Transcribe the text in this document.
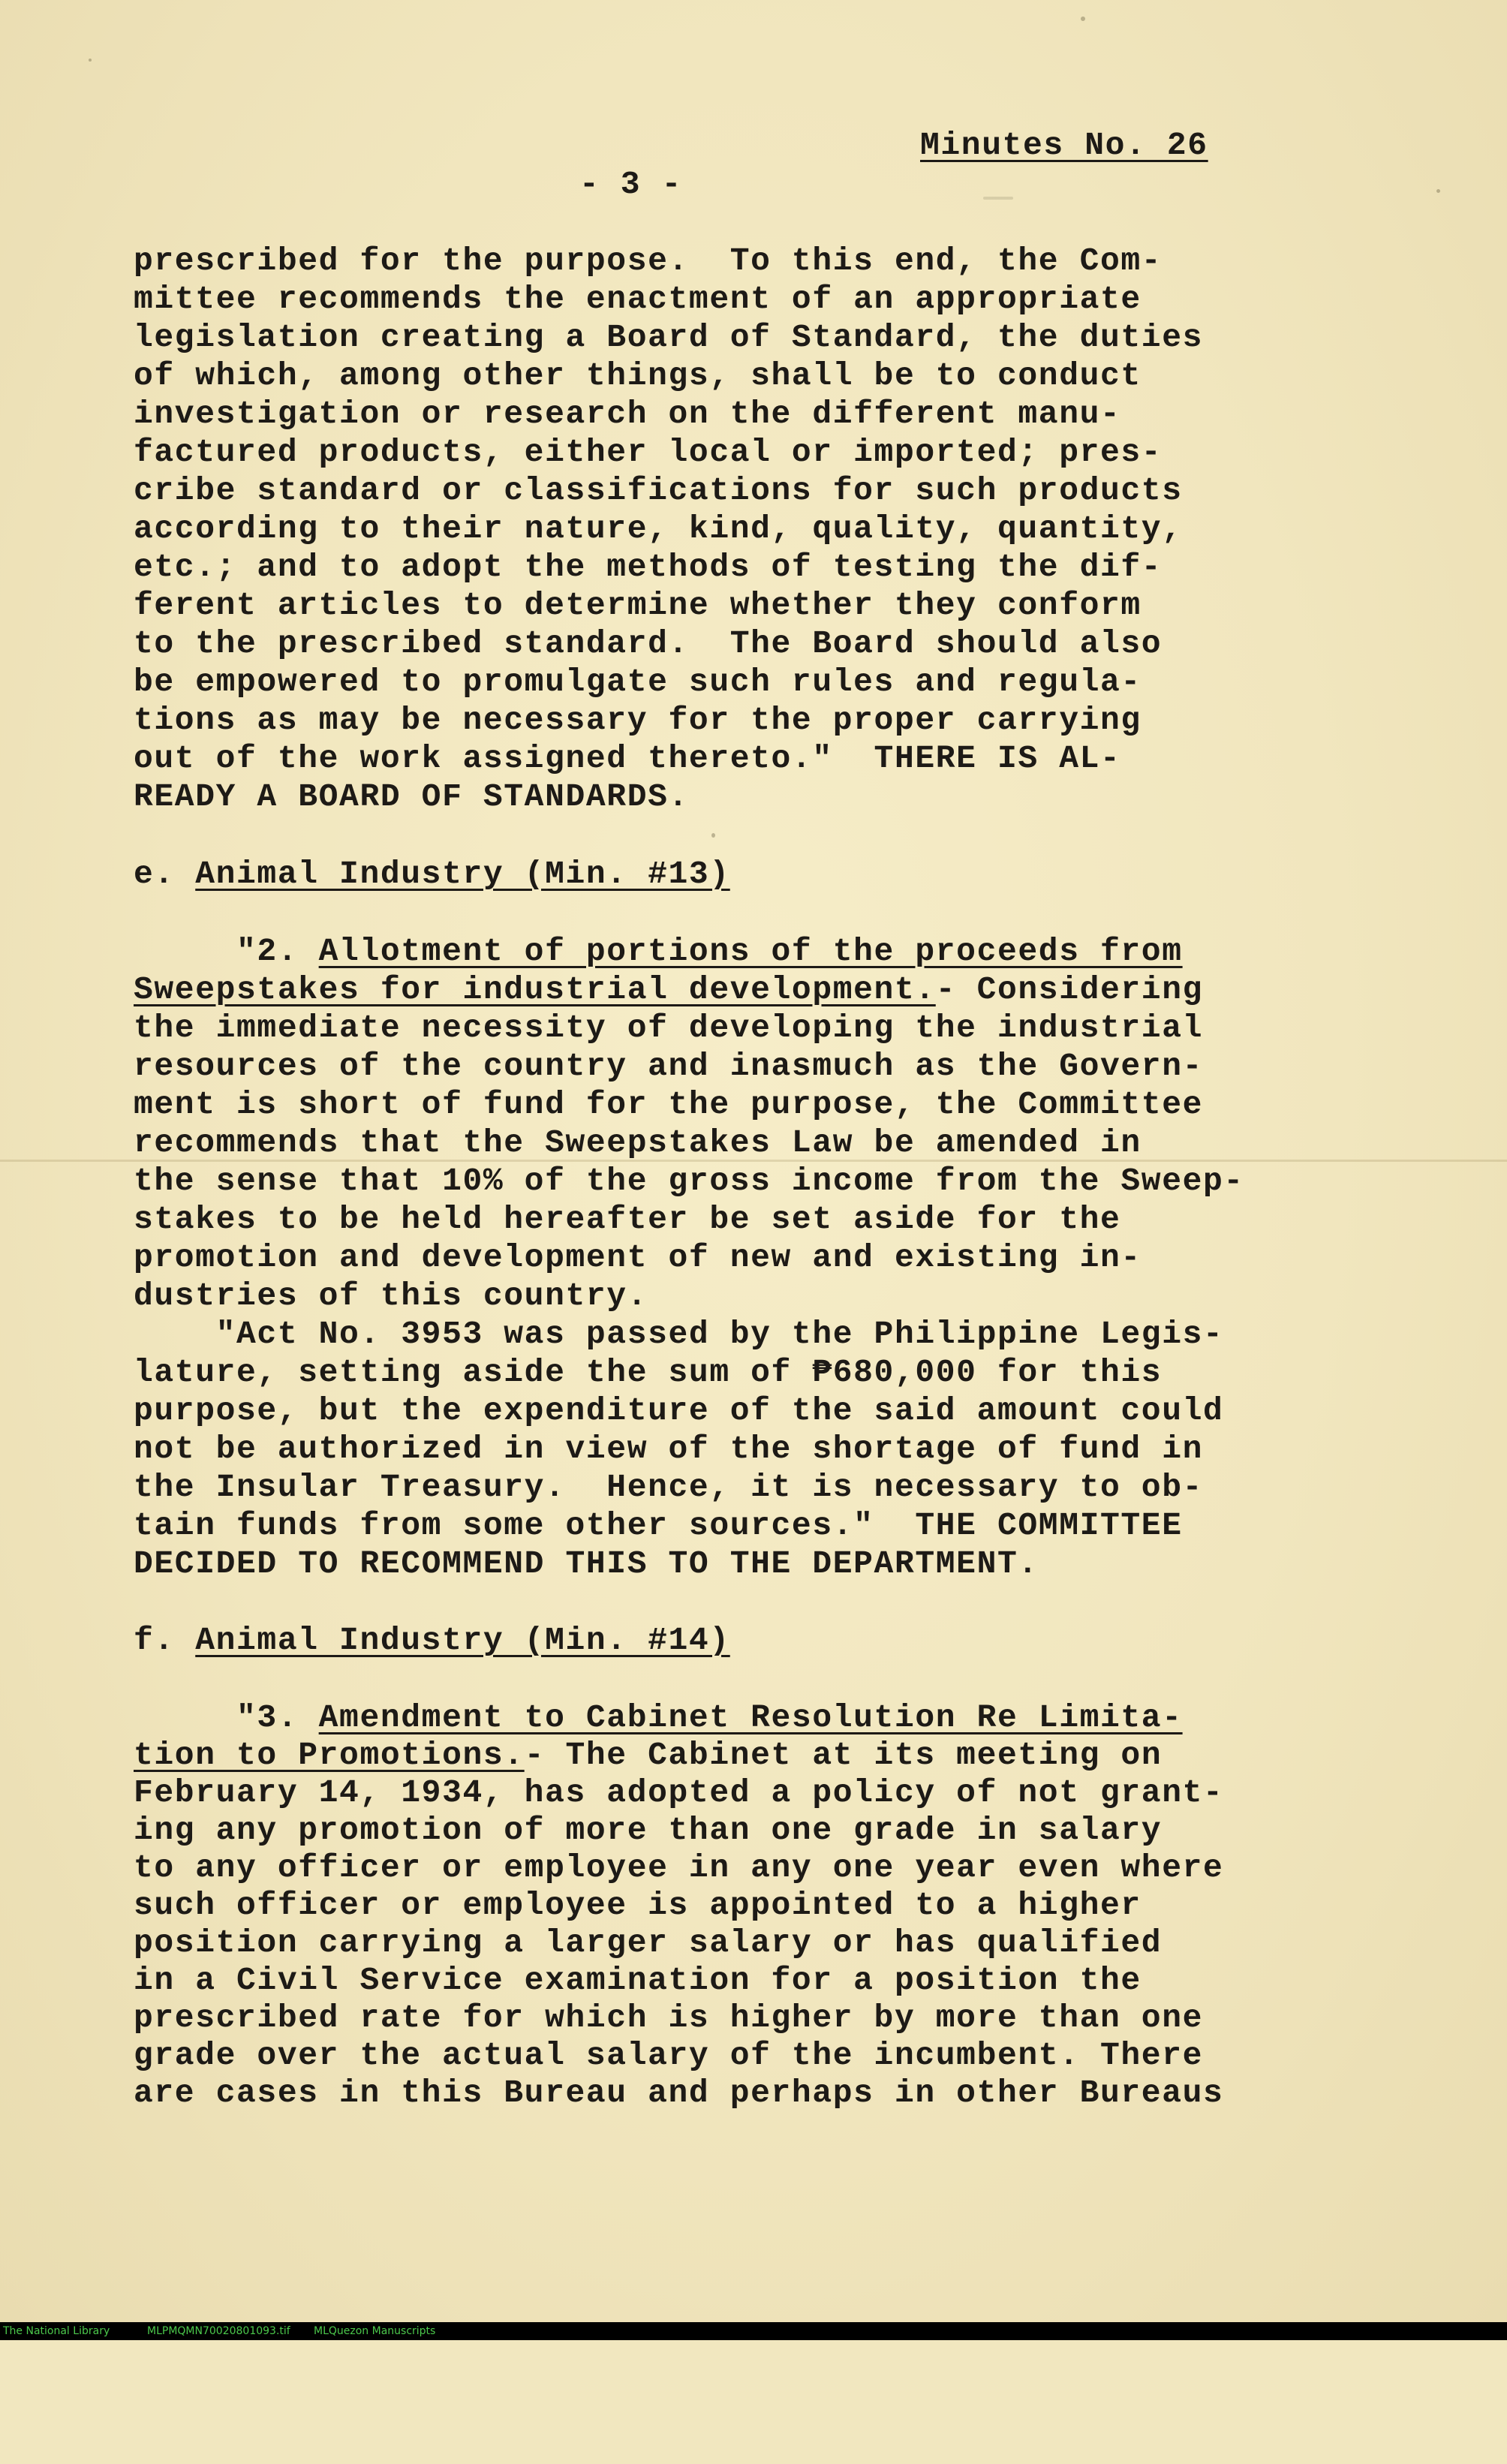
Minutes No. 26

- 3 -

prescribed for the purpose.  To this end, the Com-

mittee recommends the enactment of an appropriate

legislation creating a Board of Standard, the duties

of which, among other things, shall be to conduct

investigation or research on the different manu-

factured products, either local or imported; pres-

cribe standard or classifications for such products

according to their nature, kind, quality, quantity,

etc.; and to adopt the methods of testing the dif-

ferent articles to determine whether they conform

to the prescribed standard.  The Board should also

be empowered to promulgate such rules and regula-

tions as may be necessary for the proper carrying

out of the work assigned thereto."  THERE IS AL-

READY A BOARD OF STANDARDS.

e. Animal Industry (Min. #13)

"2. Allotment of portions of the proceeds from

Sweepstakes for industrial development.- Considering

the immediate necessity of developing the industrial

resources of the country and inasmuch as the Govern-

ment is short of fund for the purpose, the Committee

recommends that the Sweepstakes Law be amended in

the sense that 10% of the gross income from the Sweep-

stakes to be held hereafter be set aside for the

promotion and development of new and existing in-

dustries of this country.

"Act No. 3953 was passed by the Philippine Legis-

lature, setting aside the sum of ₱680,000 for this

purpose, but the expenditure of the said amount could

not be authorized in view of the shortage of fund in

the Insular Treasury.  Hence, it is necessary to ob-

tain funds from some other sources."  THE COMMITTEE

DECIDED TO RECOMMEND THIS TO THE DEPARTMENT.

f. Animal Industry (Min. #14)

"3. Amendment to Cabinet Resolution Re Limita-

tion to Promotions.- The Cabinet at its meeting on

February 14, 1934, has adopted a policy of not grant-

ing any promotion of more than one grade in salary

to any officer or employee in any one year even where

such officer or employee is appointed to a higher

position carrying a larger salary or has qualified

in a Civil Service examination for a position the

prescribed rate for which is higher by more than one

grade over the actual salary of the incumbent. There

are cases in this Bureau and perhaps in other Bureaus

The National Library

	MLPMQMN70020801093.tif

MLQuezon Manuscripts
